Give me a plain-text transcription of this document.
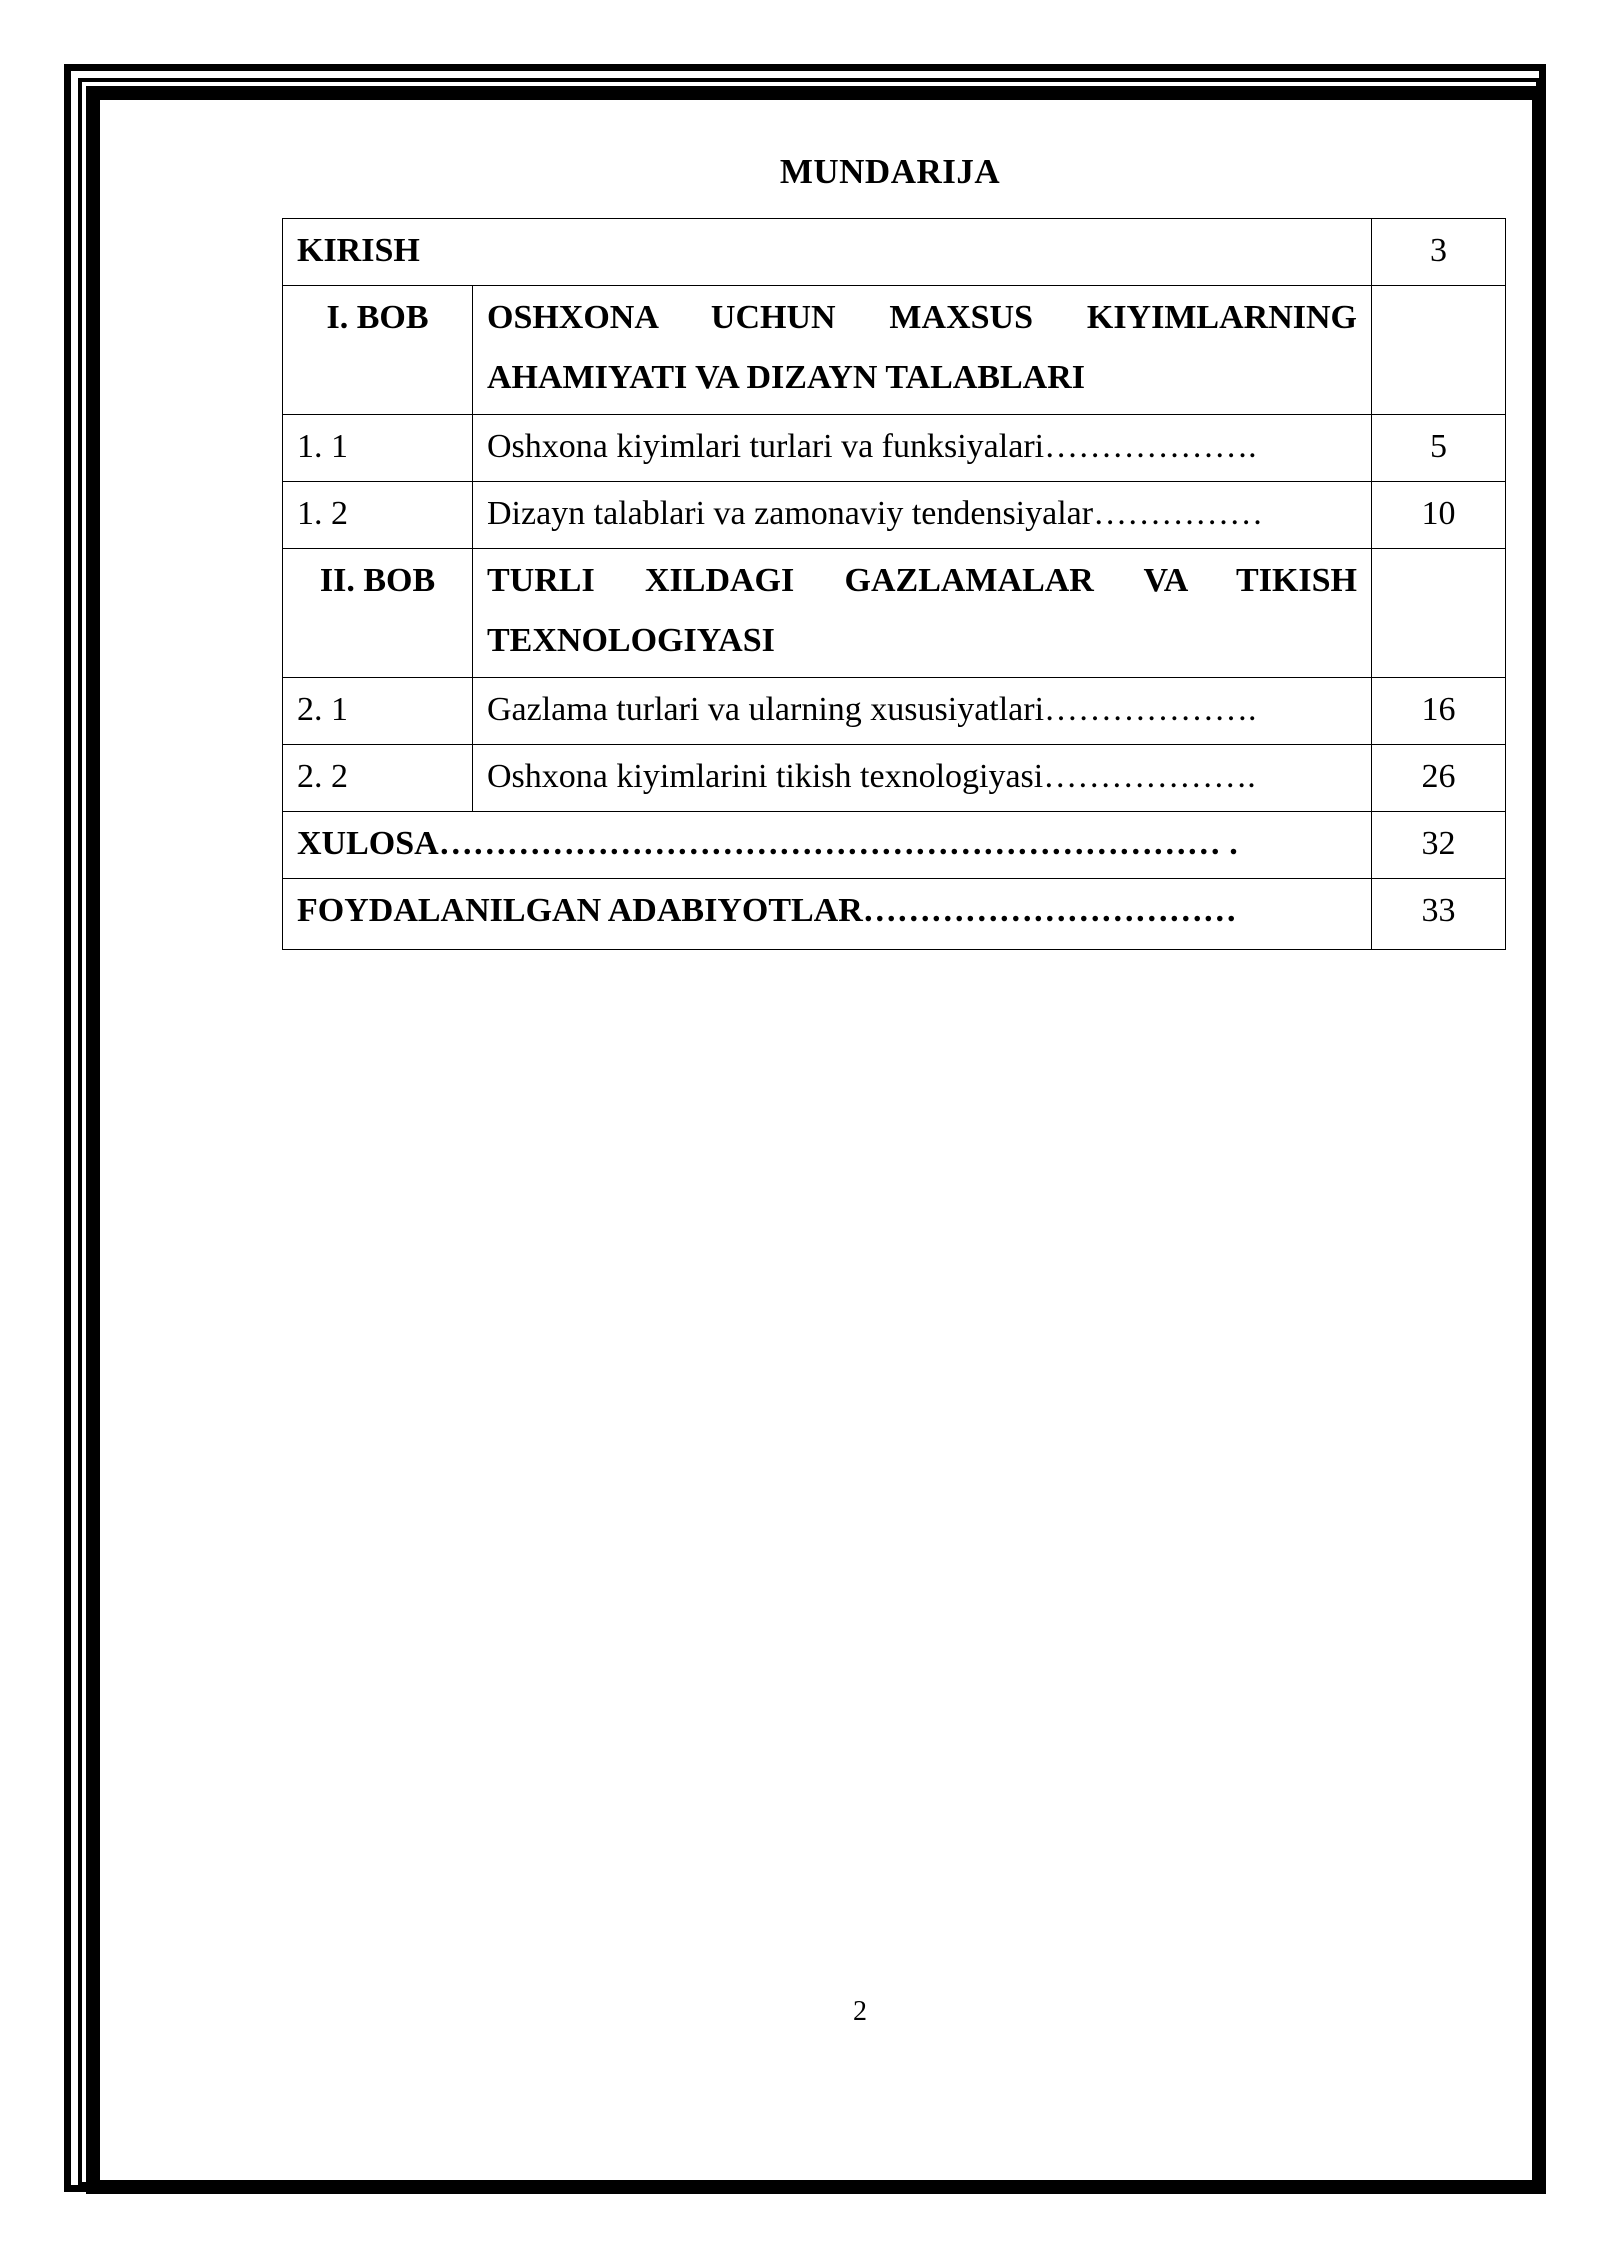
MUNDARIJA
KIRISH		3
I. BOB	OSHXONA UCHUN MAXSUS KIYIMLARNING AHAMIYATI VA DIZAYN TALABLARI	
1. 1	Oshxona kiyimlari turlari va funksiyalari……………….	5
1. 2	Dizayn talablari va zamonaviy tendensiyalar……………	10
II. BOB	TURLI XILDAGI GAZLAMALAR VA TIKISH TEXNOLOGIYASI	
2. 1	Gazlama turlari va ularning xususiyatlari……………….	16
2. 2	Oshxona kiyimlarini tikish texnologiyasi……………….	26
XULOSA…………………………………………………………… .		32
FOYDALANILGAN ADABIYOTLAR……………………………		33
2
